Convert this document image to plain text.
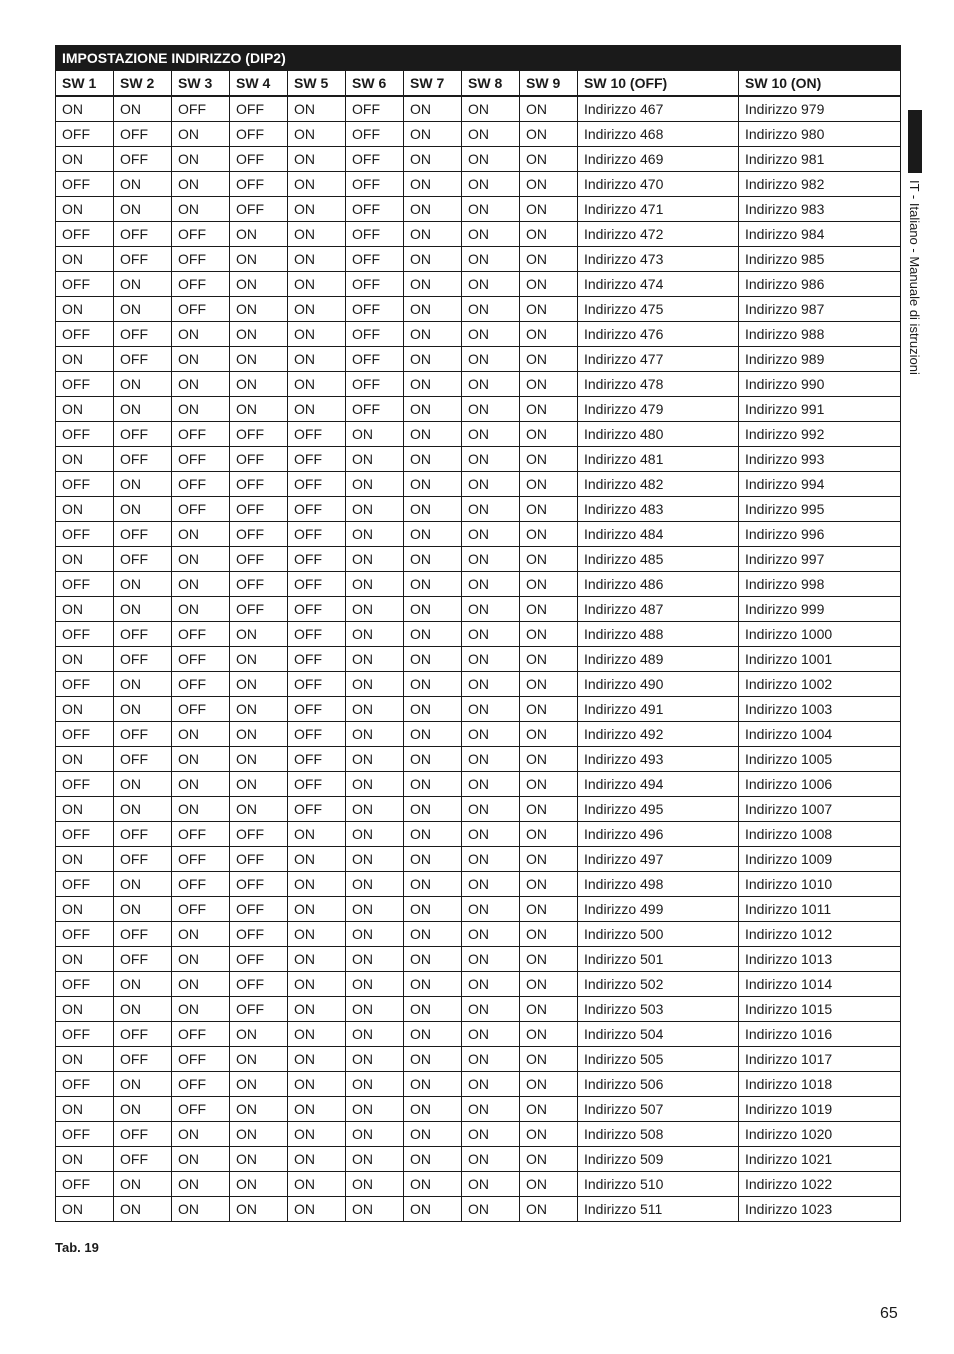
IMPOSTAZIONE INDIRIZZO (DIP2)										
SW 1	SW 2	SW 3	SW 4	SW 5	SW 6	SW 7	SW 8	SW 9	SW 10 (OFF)	SW 10 (ON)
ON	ON	OFF	OFF	ON	OFF	ON	ON	ON	Indirizzo 467	Indirizzo 979
OFF	OFF	ON	OFF	ON	OFF	ON	ON	ON	Indirizzo 468	Indirizzo 980
ON	OFF	ON	OFF	ON	OFF	ON	ON	ON	Indirizzo 469	Indirizzo 981
OFF	ON	ON	OFF	ON	OFF	ON	ON	ON	Indirizzo 470	Indirizzo 982
ON	ON	ON	OFF	ON	OFF	ON	ON	ON	Indirizzo 471	Indirizzo 983
OFF	OFF	OFF	ON	ON	OFF	ON	ON	ON	Indirizzo 472	Indirizzo 984
ON	OFF	OFF	ON	ON	OFF	ON	ON	ON	Indirizzo 473	Indirizzo 985
OFF	ON	OFF	ON	ON	OFF	ON	ON	ON	Indirizzo 474	Indirizzo 986
ON	ON	OFF	ON	ON	OFF	ON	ON	ON	Indirizzo 475	Indirizzo 987
OFF	OFF	ON	ON	ON	OFF	ON	ON	ON	Indirizzo 476	Indirizzo 988
ON	OFF	ON	ON	ON	OFF	ON	ON	ON	Indirizzo 477	Indirizzo 989
OFF	ON	ON	ON	ON	OFF	ON	ON	ON	Indirizzo 478	Indirizzo 990
ON	ON	ON	ON	ON	OFF	ON	ON	ON	Indirizzo 479	Indirizzo 991
OFF	OFF	OFF	OFF	OFF	ON	ON	ON	ON	Indirizzo 480	Indirizzo 992
ON	OFF	OFF	OFF	OFF	ON	ON	ON	ON	Indirizzo 481	Indirizzo 993
OFF	ON	OFF	OFF	OFF	ON	ON	ON	ON	Indirizzo 482	Indirizzo 994
ON	ON	OFF	OFF	OFF	ON	ON	ON	ON	Indirizzo 483	Indirizzo 995
OFF	OFF	ON	OFF	OFF	ON	ON	ON	ON	Indirizzo 484	Indirizzo 996
ON	OFF	ON	OFF	OFF	ON	ON	ON	ON	Indirizzo 485	Indirizzo 997
OFF	ON	ON	OFF	OFF	ON	ON	ON	ON	Indirizzo 486	Indirizzo 998
ON	ON	ON	OFF	OFF	ON	ON	ON	ON	Indirizzo 487	Indirizzo 999
OFF	OFF	OFF	ON	OFF	ON	ON	ON	ON	Indirizzo 488	Indirizzo 1000
ON	OFF	OFF	ON	OFF	ON	ON	ON	ON	Indirizzo 489	Indirizzo 1001
OFF	ON	OFF	ON	OFF	ON	ON	ON	ON	Indirizzo 490	Indirizzo 1002
ON	ON	OFF	ON	OFF	ON	ON	ON	ON	Indirizzo 491	Indirizzo 1003
OFF	OFF	ON	ON	OFF	ON	ON	ON	ON	Indirizzo 492	Indirizzo 1004
ON	OFF	ON	ON	OFF	ON	ON	ON	ON	Indirizzo 493	Indirizzo 1005
OFF	ON	ON	ON	OFF	ON	ON	ON	ON	Indirizzo 494	Indirizzo 1006
ON	ON	ON	ON	OFF	ON	ON	ON	ON	Indirizzo 495	Indirizzo 1007
OFF	OFF	OFF	OFF	ON	ON	ON	ON	ON	Indirizzo 496	Indirizzo 1008
ON	OFF	OFF	OFF	ON	ON	ON	ON	ON	Indirizzo 497	Indirizzo 1009
OFF	ON	OFF	OFF	ON	ON	ON	ON	ON	Indirizzo 498	Indirizzo 1010
ON	ON	OFF	OFF	ON	ON	ON	ON	ON	Indirizzo 499	Indirizzo 1011
OFF	OFF	ON	OFF	ON	ON	ON	ON	ON	Indirizzo 500	Indirizzo 1012
ON	OFF	ON	OFF	ON	ON	ON	ON	ON	Indirizzo 501	Indirizzo 1013
OFF	ON	ON	OFF	ON	ON	ON	ON	ON	Indirizzo 502	Indirizzo 1014
ON	ON	ON	OFF	ON	ON	ON	ON	ON	Indirizzo 503	Indirizzo 1015
OFF	OFF	OFF	ON	ON	ON	ON	ON	ON	Indirizzo 504	Indirizzo 1016
ON	OFF	OFF	ON	ON	ON	ON	ON	ON	Indirizzo 505	Indirizzo 1017
OFF	ON	OFF	ON	ON	ON	ON	ON	ON	Indirizzo 506	Indirizzo 1018
ON	ON	OFF	ON	ON	ON	ON	ON	ON	Indirizzo 507	Indirizzo 1019
OFF	OFF	ON	ON	ON	ON	ON	ON	ON	Indirizzo 508	Indirizzo 1020
ON	OFF	ON	ON	ON	ON	ON	ON	ON	Indirizzo 509	Indirizzo 1021
OFF	ON	ON	ON	ON	ON	ON	ON	ON	Indirizzo 510	Indirizzo 1022
ON	ON	ON	ON	ON	ON	ON	ON	ON	Indirizzo 511	Indirizzo 1023
Tab. 19
IT - Italiano - Manuale di istruzioni
65
